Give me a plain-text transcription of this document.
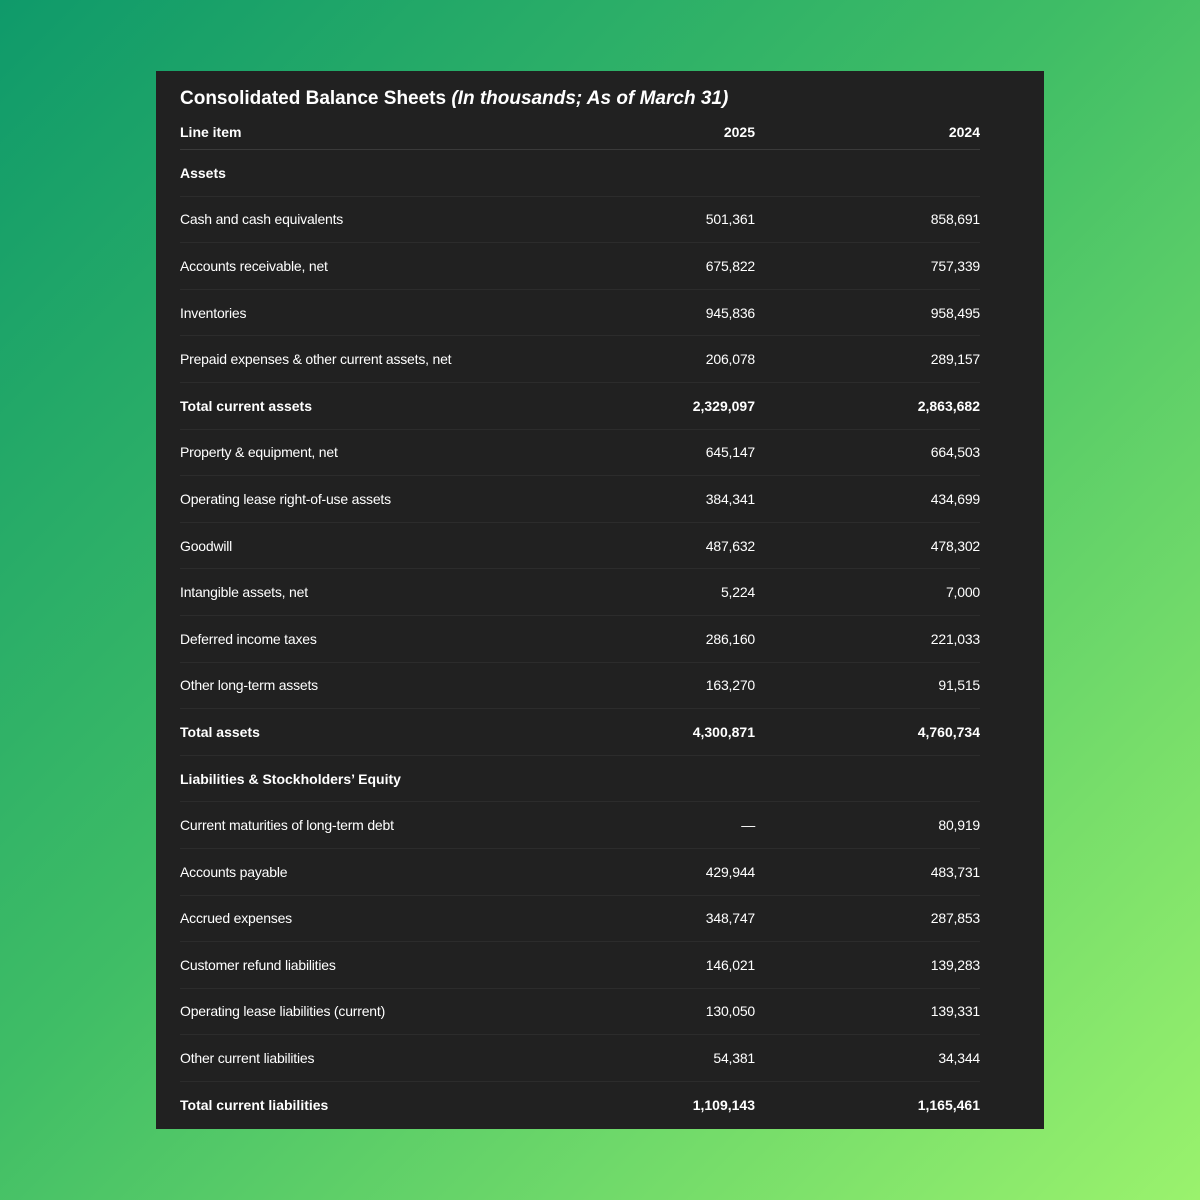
Consolidated Balance Sheets (In thousands; As of March 31)
Line item	2025	2024
Assets		
Cash and cash equivalents	501,361	858,691
Accounts receivable, net	675,822	757,339
Inventories	945,836	958,495
Prepaid expenses & other current assets, net	206,078	289,157
Total current assets	2,329,097	2,863,682
Property & equipment, net	645,147	664,503
Operating lease right-of-use assets	384,341	434,699
Goodwill	487,632	478,302
Intangible assets, net	5,224	7,000
Deferred income taxes	286,160	221,033
Other long-term assets	163,270	91,515
Total assets	4,300,871	4,760,734
Liabilities & Stockholders’ Equity		
Current maturities of long-term debt	—	80,919
Accounts payable	429,944	483,731
Accrued expenses	348,747	287,853
Customer refund liabilities	146,021	139,283
Operating lease liabilities (current)	130,050	139,331
Other current liabilities	54,381	34,344
Total current liabilities	1,109,143	1,165,461
